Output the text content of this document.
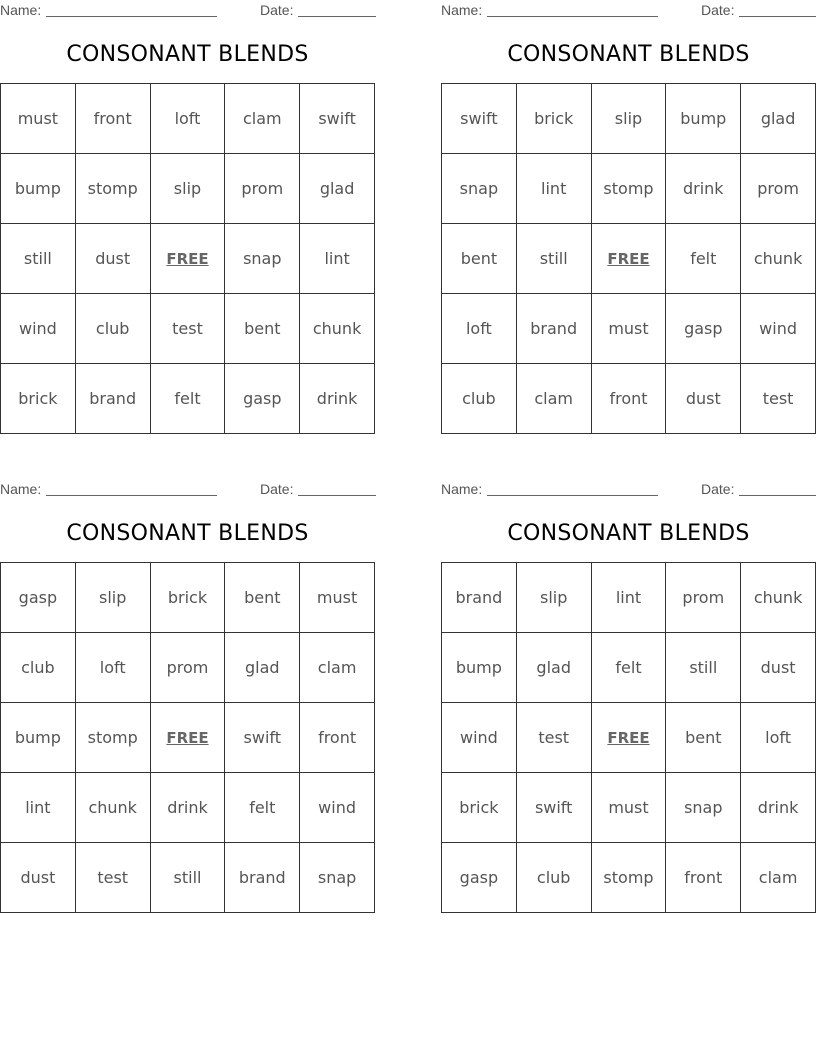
Name:	Date:
CONSONANT BLENDS
must	front	loft	clam	swift
bump	stomp	slip	prom	glad
still	dust	FREE	snap	lint
wind	club	test	bent	chunk
brick	brand	felt	gasp	drink
Name:	Date:
CONSONANT BLENDS
swift	brick	slip	bump	glad
snap	lint	stomp	drink	prom
bent	still	FREE	felt	chunk
loft	brand	must	gasp	wind
club	clam	front	dust	test
Name:	Date:
CONSONANT BLENDS
gasp	slip	brick	bent	must
club	loft	prom	glad	clam
bump	stomp	FREE	swift	front
lint	chunk	drink	felt	wind
dust	test	still	brand	snap
Name:	Date:
CONSONANT BLENDS
brand	slip	lint	prom	chunk
bump	glad	felt	still	dust
wind	test	FREE	bent	loft
brick	swift	must	snap	drink
gasp	club	stomp	front	clam
